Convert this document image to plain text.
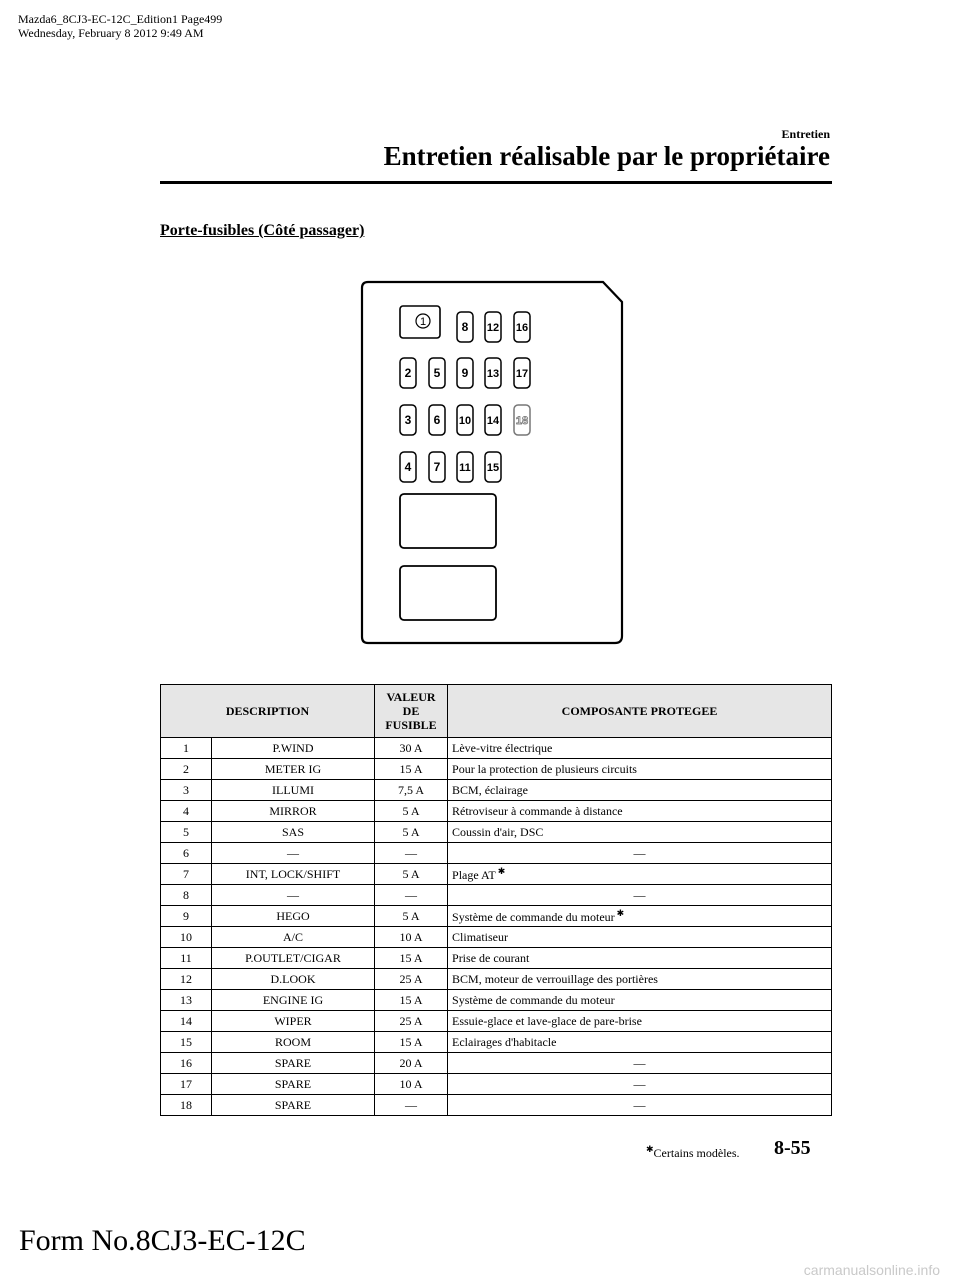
Mazda6_8CJ3-EC-12C_Edition1 Page499
Wednesday, February 8 2012 9:49 AM
Entretien
Entretien réalisable par le propriétaire
Porte-fusibles (Côté passager)
1
2
3
4
5
6
7
8
9
10
11
12
13
14
15
16
17
18
DESCRIPTION		VALEUR
DE
FUSIBLE	COMPOSANTE PROTEGEE
1	P.WIND	30 A	Lève-vitre électrique
2	METER IG	15 A	Pour la protection de plusieurs circuits
3	ILLUMI	7,5 A	BCM, éclairage
4	MIRROR	5 A	Rétroviseur à commande à distance
5	SAS	5 A	Coussin d'air, DSC
6	―	―	―
7	INT, LOCK/SHIFT	5 A	Plage AT ✱
8	―	―	―
9	HEGO	5 A	Système de commande du moteur ✱
10	A/C	10 A	Climatiseur
11	P.OUTLET/CIGAR	15 A	Prise de courant
12	D.LOOK	25 A	BCM, moteur de verrouillage des portières
13	ENGINE IG	15 A	Système de commande du moteur
14	WIPER	25 A	Essuie-glace et lave-glace de pare-brise
15	ROOM	15 A	Eclairages d'habitacle
16	SPARE	20 A	―
17	SPARE	10 A	―
18	SPARE	―	―
✱Certains modèles. 8-55
Form No.8CJ3-EC-12C
carmanualsonline.info
